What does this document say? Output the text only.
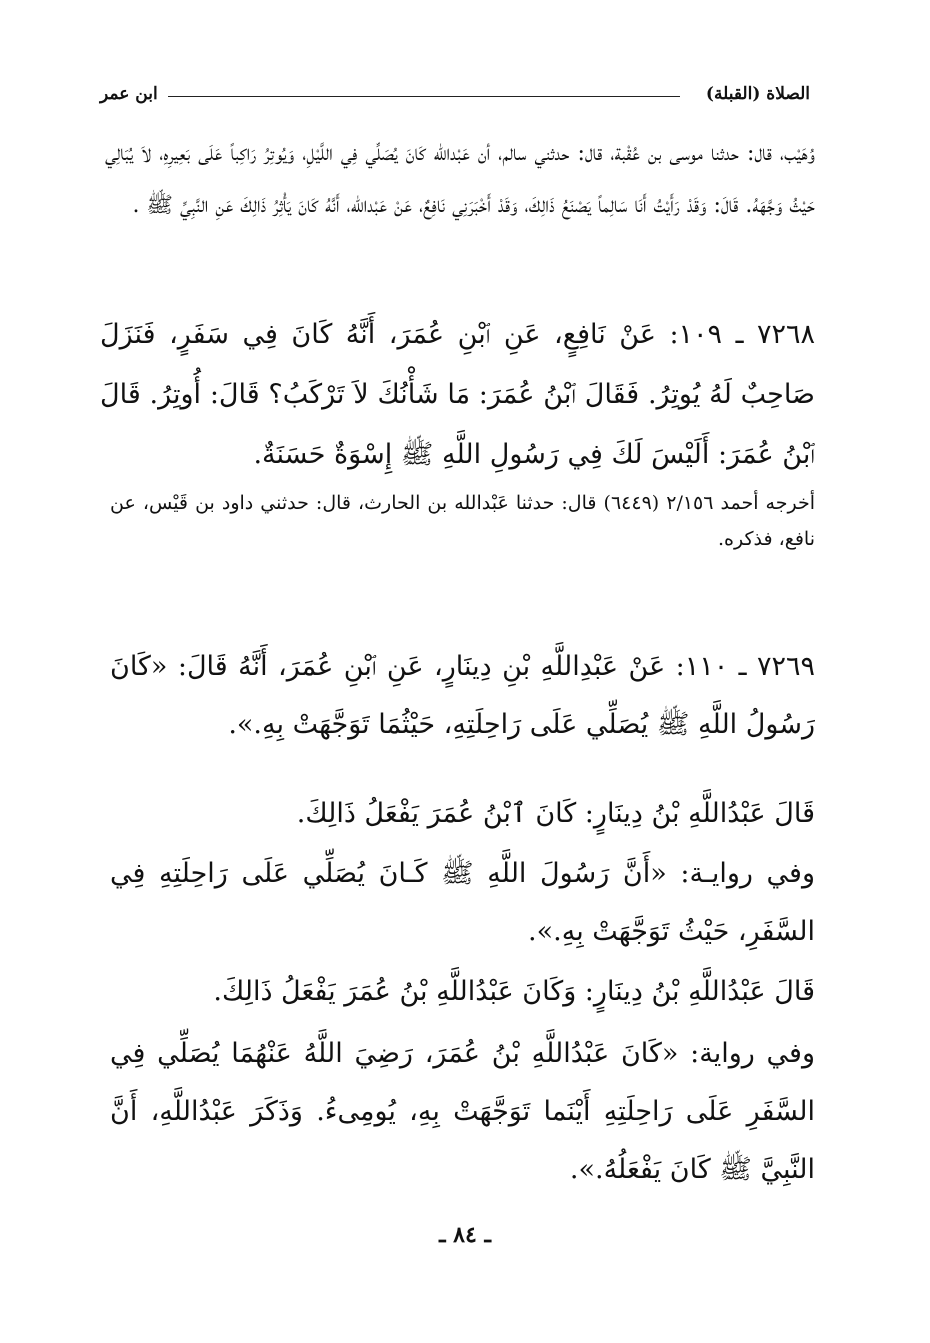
الصلاة (القبلة)
ابن عمر
وُهَيْب، قال: حدثنا موسى بن عُقْبة، قال: حدثني سالم، أن عَبْدالله كَانَ يُصَلِّي فِي اللَّيْلِ، وَيُوتِرُ رَاكِباً عَلَى بَعِيرِهِ، لاَ يُبَالِي حَيْثُ وَجَّهَهُ. قَالَ: وَقَدْ رَأَيْتُ أَنَا سَالِماً يَصْنَعُ ذَالِكَ، وَقَدْ أَخْبَرَنِي نَافِعٌ، عَنْ عَبْدالله، أَنَّهُ كَانَ يَأْثِرُ ذَالِكَ عَنِ النَّبِيِّ ﷺ .
٧٢٦٨ ـ ١٠٩: عَنْ نَافِعٍ، عَنِ ٱبْنِ عُمَرَ، أَنَّهُ كَانَ فِي سَفَرٍ، فَنَزَلَ صَاحِبٌ لَهُ يُوتِرُ. فَقَالَ ٱبْنُ عُمَرَ: مَا شَأْنُكَ لاَ تَرْكَبُ؟ قَالَ: أُوتِرُ. قَالَ ٱبْنُ عُمَرَ: أَلَيْسَ لَكَ فِي رَسُولِ اللَّهِ ﷺ إِسْوَةٌ حَسَنَةٌ.
أخرجه أحمد ٢/١٥٦ (٦٤٤٩) قال: حدثنا عَبْدالله بن الحارث، قال: حدثني داود بن قَيْس، عن نافع، فذكره.
٧٢٦٩ ـ ١١٠: عَنْ عَبْدِاللَّهِ بْنِ دِينَارٍ، عَنِ ٱبْنِ عُمَرَ، أَنَّهُ قَالَ: «كَانَ رَسُولُ اللَّهِ ﷺ يُصَلِّي عَلَى رَاحِلَتِهِ، حَيْثُمَا تَوَجَّهَتْ بِهِ.».
قَالَ عَبْدُاللَّهِ بْنُ دِينَارٍ: كَانَ ٱبْنُ عُمَرَ يَفْعَلُ ذَالِكَ.
وفي روايـة: «أَنَّ رَسُولَ اللَّهِ ﷺ كَـانَ يُصَلِّي عَلَى رَاحِلَتِهِ فِي السَّفَرِ، حَيْثُ تَوَجَّهَتْ بِهِ.».
قَالَ عَبْدُاللَّهِ بْنُ دِينَارٍ: وَكَانَ عَبْدُاللَّهِ بْنُ عُمَرَ يَفْعَلُ ذَالِكَ.
وفي رواية: «كَانَ عَبْدُاللَّهِ بْنُ عُمَرَ، رَضِيَ اللَّهُ عَنْهُمَا يُصَلِّي فِي السَّفَرِ عَلَى رَاحِلَتِهِ أَيْنَما تَوَجَّهَتْ بِهِ، يُومِىءُ. وَذَكَرَ عَبْدُاللَّهِ، أَنَّ النَّبِيَّ ﷺ كَانَ يَفْعَلُهُ.».
ـ ٨٤ ـ
